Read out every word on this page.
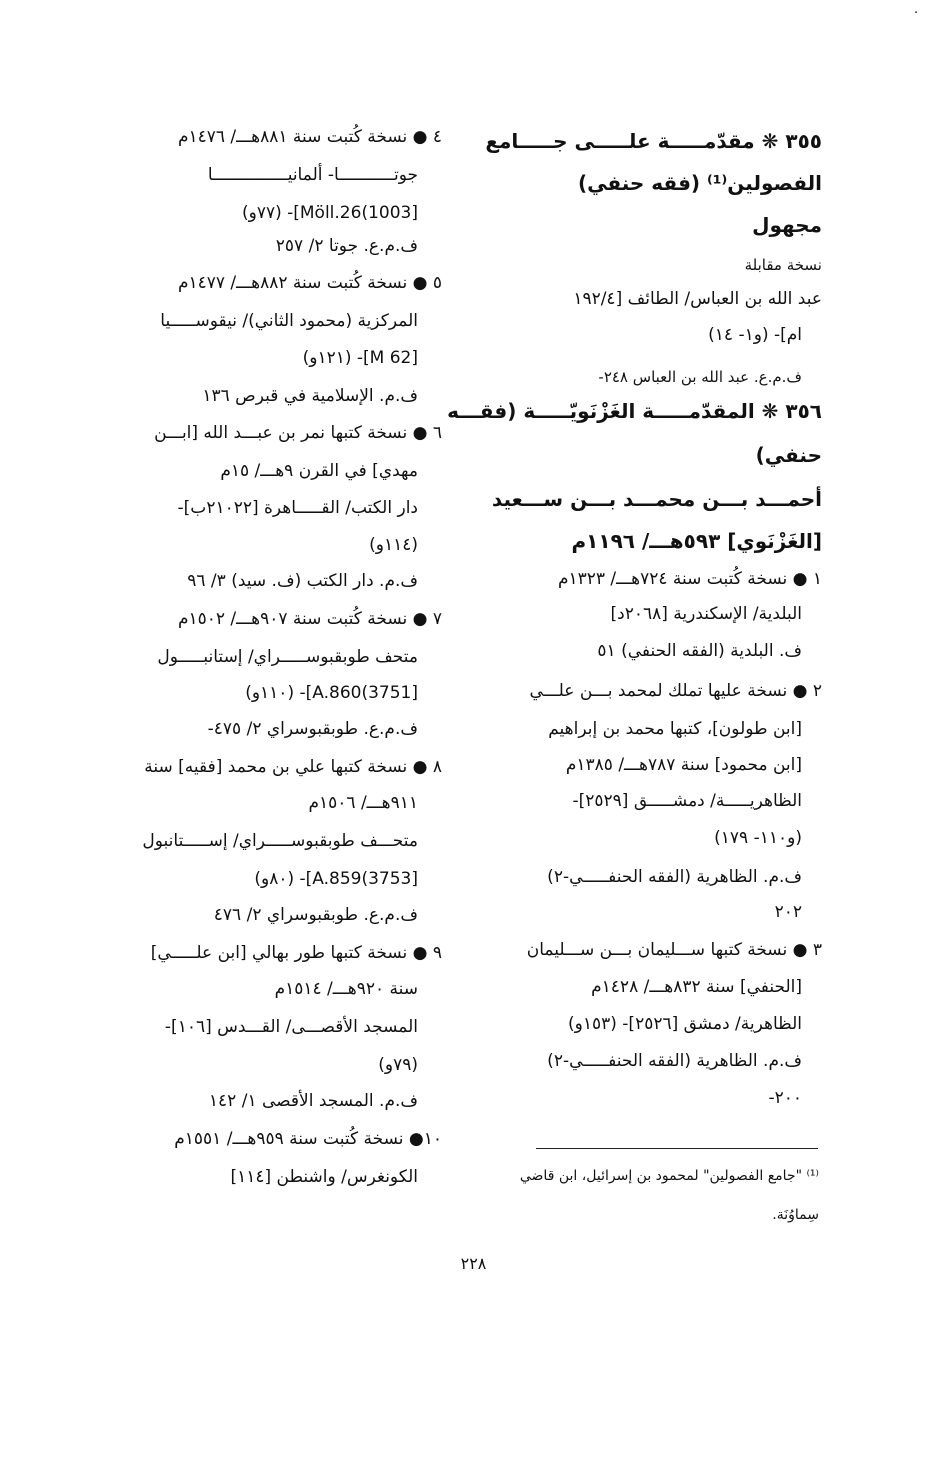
·
٣٥٥ ❋ مقدّمـــــة علـــــى جـــــامع
الفصولين⁽¹⁾ (فقه حنفي)
مجهول
نسخة مقابلة
عبد الله بن العباس/ الطائف [١٩٢/٤
ام]- (و١- ١٤)
ف.م.ع. عبد الله بن العباس ٢٤٨-
٣٥٦ ❋ المقدّمـــــة الغَزْنَويّـــــة (فقـــه
حنفي)
أحمـــد بـــن محمـــد بـــن ســـعيد
[الغَزْنَوي] ٥٩٣هـــ/ ١١٩٦م
١ ● نسخة كُتبت سنة ٧٢٤هـــ/ ١٣٢٣م
البلدية/ الإسكندرية [٢٠٦٨د]
ف. البلدية (الفقه الحنفي) ٥١
٢ ● نسخة عليها تملك لمحمد بـــن علـــي
[ابن طولون]، كتبها محمد بن إبراهيم
[ابن محمود] سنة ٧٨٧هـــ/ ١٣٨٥م
الظاهريـــــة/ دمشـــــق [٢٥٢٩]-
(و١١٠- ١٧٩)
ف.م. الظاهرية (الفقه الحنفـــــي-٢)
٢٠٢
٣ ● نسخة كتبها ســـليمان بـــن ســـليمان
[الحنفي] سنة ٨٣٢هـــ/ ١٤٢٨م
الظاهرية/ دمشق [٢٥٢٦]- (١٥٣و)
ف.م. الظاهرية (الفقه الحنفـــــي-٢)
٢٠٠-
٤ ● نسخة كُتبت سنة ٨٨١هـــ/ ١٤٧٦م
جوتـــــــــــا- ألمانيـــــــــــــــا
[1003)Möll.26]- (٧٧و)
ف.م.ع. جوتا ٢/ ٢٥٧
٥ ● نسخة كُتبت سنة ٨٨٢هـــ/ ١٤٧٧م
المركزية (محمود الثاني)/ نيقوســـــيا
[M 62]- (١٢١و)
ف.م. الإسلامية في قبرص ١٣٦
٦ ● نسخة كتبها نمر بن عبـــد الله [ابـــن
مهدي] في القرن ٩هـــ/ ١٥م
دار الكتب/ القـــــاهرة [٢١٠٢٢ب]-
(١١٤و)
ف.م. دار الكتب (ف. سيد) ٣/ ٩٦
٧ ● نسخة كُتبت سنة ٩٠٧هـــ/ ١٥٠٢م
متحف طوبقبوســـــراي/ إستانبـــــول
[3751)A.860]- (١١٠و)
ف.م.ع. طوبقبوسراي ٢/ ٤٧٥-
٨ ● نسخة كتبها علي بن محمد [فقيه] سنة
٩١١هـــ/ ١٥٠٦م
متحـــف طوبقبوســـــراي/ إســـــتانبول
[3753)A.859]- (٨٠و)
ف.م.ع. طوبقبوسراي ٢/ ٤٧٦
٩ ● نسخة كتبها طور بهالي [ابن علـــــي]
سنة ٩٢٠هـــ/ ١٥١٤م
المسجد الأقصـــى/ القـــدس [١٠٦]-
(٧٩و)
ف.م. المسجد الأقصى ١/ ١٤٢
١٠● نسخة كُتبت سنة ٩٥٩هـــ/ ١٥٥١م
الكونغرس/ واشنطن [١١٤]	⁽¹⁾ "جامع الفصولين" لمحمود بن إسرائيل، ابن قاضي
سِماوُنَة.
٢٢٨
